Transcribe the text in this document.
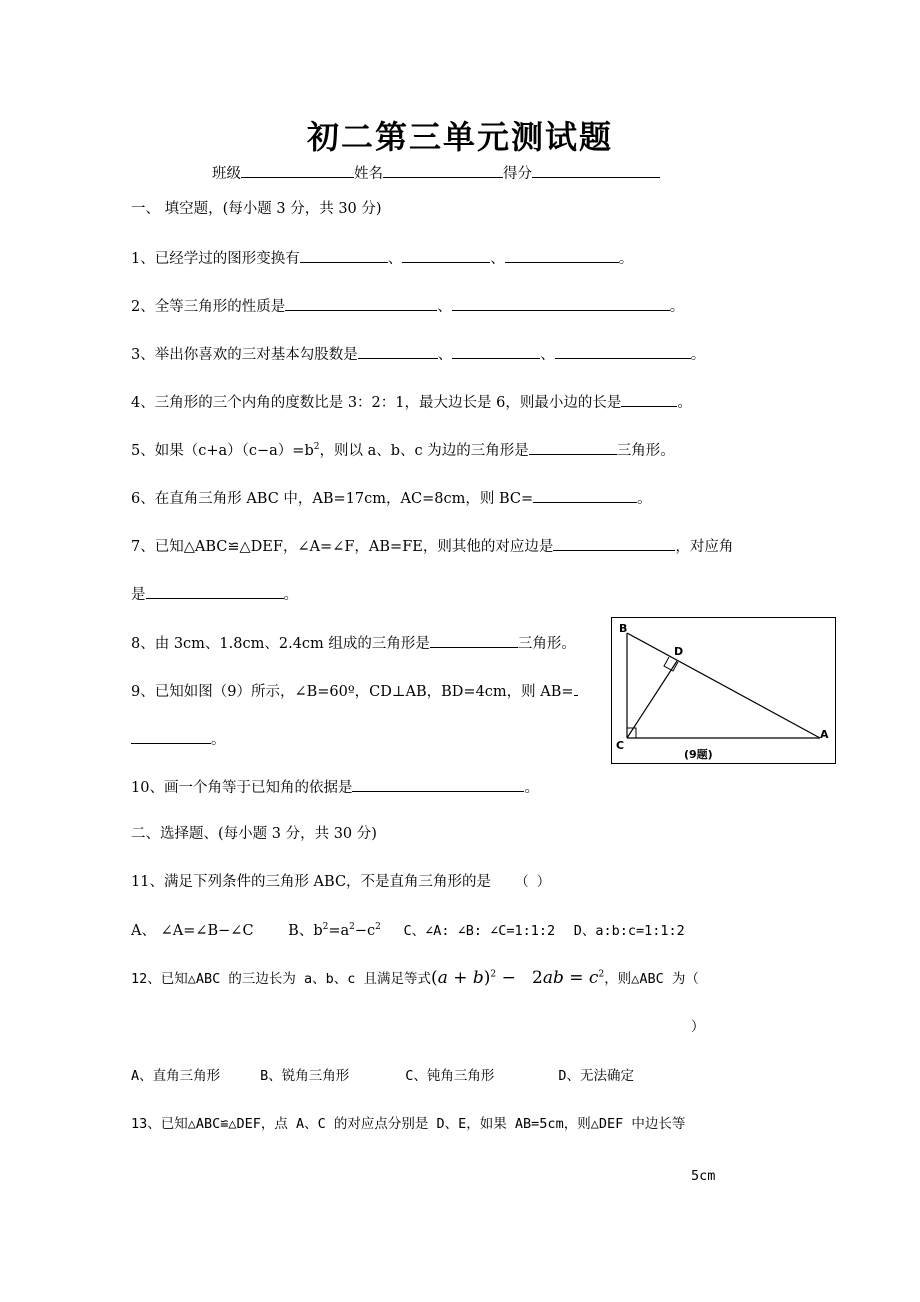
初二第三单元测试题
班级	姓名	得分
一、 填空题，(每小题 3 分，共 30 分)
1、已经学过的图形变换有	、	、	。
2、全等三角形的性质是	、	。
3、举出你喜欢的三对基本勾股数是	、	、	。
4、三角形的三个内角的度数比是 3：2：1，最大边长是 6，则最小边的长是	。
5、如果$(c+a)(c-a)=b^2$，则以 a、b、c 为边的三角形是	三角形。
6、在直角三角形 ABC 中，AB=17cm，AC=8cm，则 BC=	。
7、已知△ABC≌△DEF，∠A=∠F，AB=FE，则其他的对应边是	，对应角
是	。
8、由 3cm、1.8cm、2.4cm 组成的三角形是	三角形。
9、已知如图（9）所示，∠B=60º，CD⊥AB，BD=4cm，则 AB=
。
B
D
C
A
(9题)
10、画一个角等于已知角的依据是	。
二、选择题、(每小题 3 分，共 30 分)
11、满足下列条件的三角形 ABC，不是直角三角形的是 （ ）
A、 ∠A=∠B−∠C B、$b^2=a^2-c^2$ C、∠A: ∠B: ∠C=1:1:2 D、a:b:c=1:1:2
12、已知△ABC 的三边长为 a、b、c 且满足等式$(a + b)^2 - 2ab = c^2$，则△ABC 为（
）
A、直角三角形	B、锐角三角形	C、钝角三角形	D、无法确定
13、已知△ABC≌△DEF，点 A、C 的对应点分别是 D、E，如果 AB=5cm，则△DEF 中边长等
5cm
